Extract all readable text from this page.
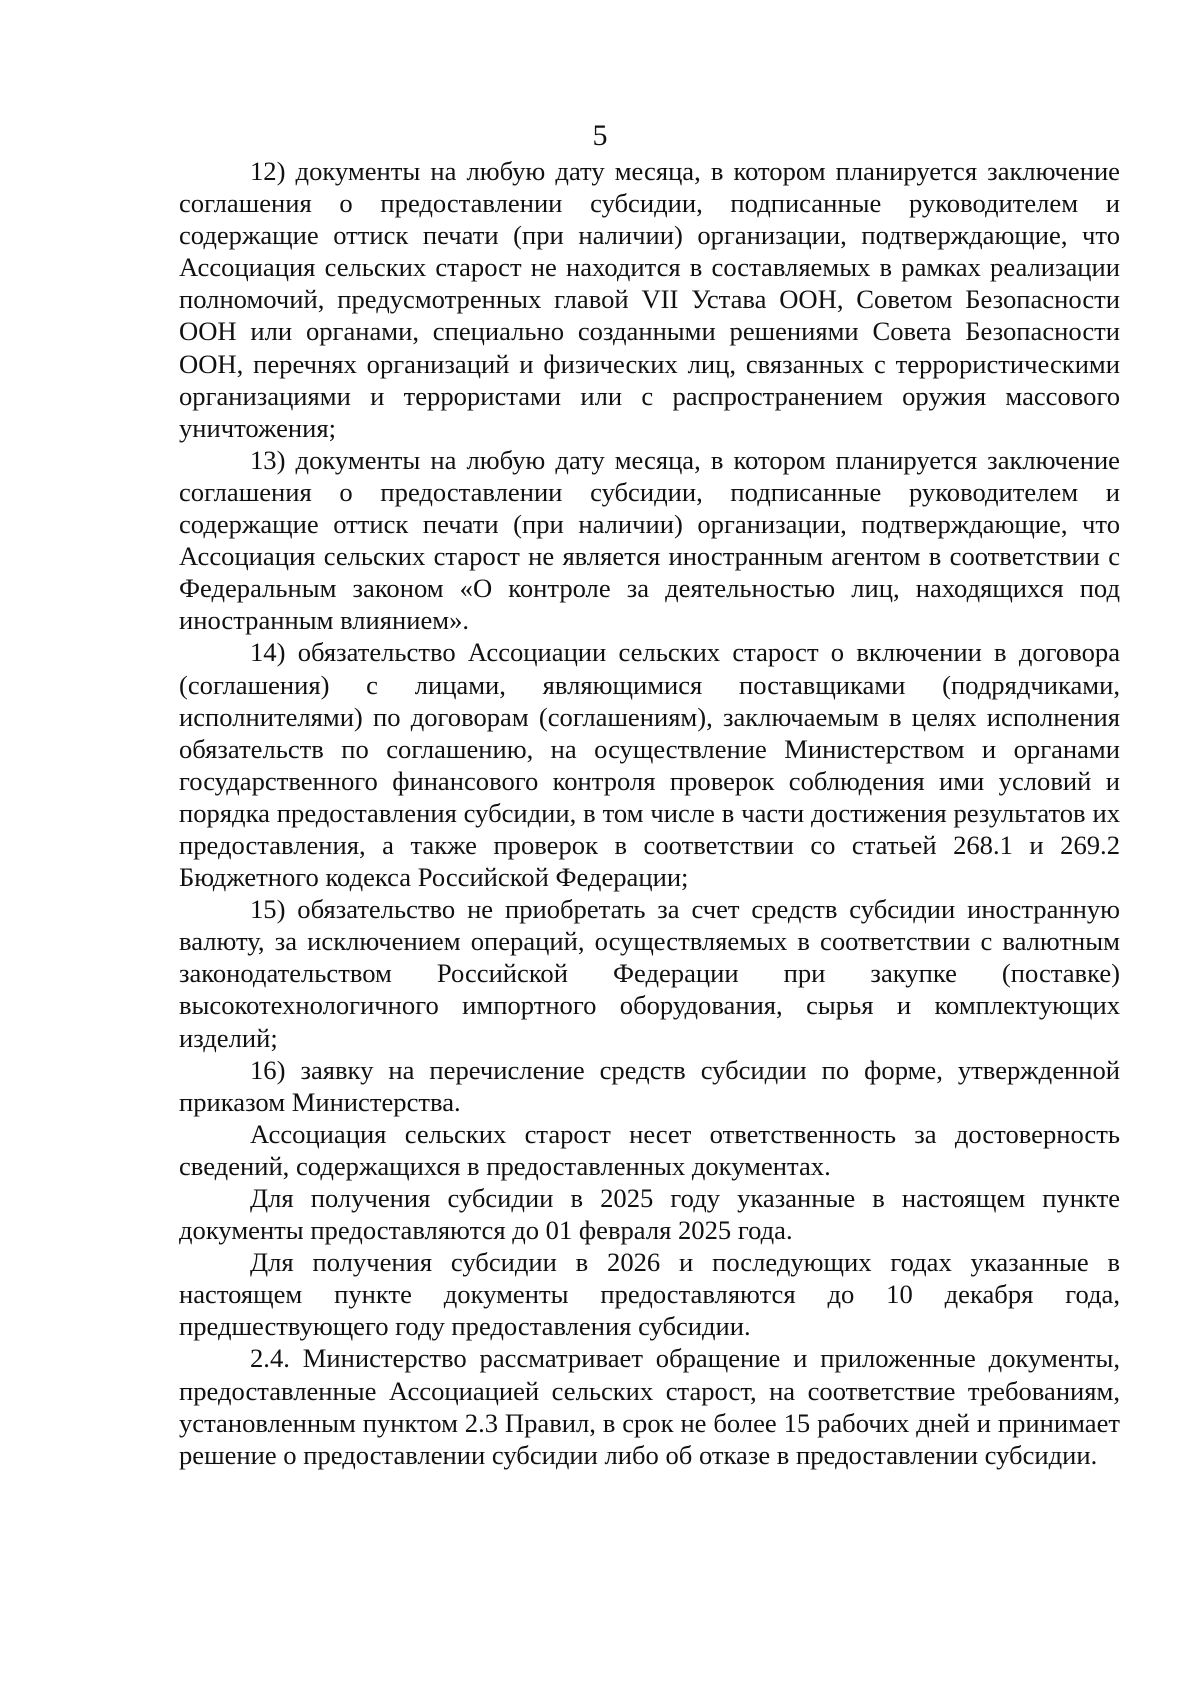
5

12) документы на любую дату месяца, в котором планируется заключение соглашения о предоставлении субсидии, подписанные руководителем и содержащие оттиск печати (при наличии) организации, подтверждающие, что Ассоциация сельских старост не находится в составляемых в рамках реализации полномочий, предусмотренных главой VII Устава ООН, Советом Безопасности ООН или органами, специально созданными решениями Совета Безопасности ООН, перечнях организаций и физических лиц, связанных с террористическими организациями и террористами или с распространением оружия массового уничтожения;

13) документы на любую дату месяца, в котором планируется заключение соглашения о предоставлении субсидии, подписанные руководителем и содержащие оттиск печати (при наличии) организации, подтверждающие, что Ассоциация сельских старост не является иностранным агентом в соответствии с Федеральным законом «О контроле за деятельностью лиц, находящихся под иностранным влиянием».

14) обязательство Ассоциации сельских старост о включении в договора (соглашения) с лицами, являющимися поставщиками (подрядчиками, исполнителями) по договорам (соглашениям), заключаемым в целях исполнения обязательств по соглашению, на осуществление Министерством и органами государственного финансового контроля проверок соблюдения ими условий и порядка предоставления субсидии, в том числе в части достижения результатов их предоставления, а также проверок в соответствии со статьей 268.1 и 269.2 Бюджетного кодекса Российской Федерации;

15) обязательство не приобретать за счет средств субсидии иностранную валюту, за исключением операций, осуществляемых в соответствии с валютным законодательством Российской Федерации при закупке (поставке) высокотехнологичного импортного оборудования, сырья и комплектующих изделий;

16) заявку на перечисление средств субсидии по форме, утвержденной приказом Министерства.

Ассоциация сельских старост несет ответственность за достоверность сведений, содержащихся в предоставленных документах.

Для получения субсидии в 2025 году указанные в настоящем пункте документы предоставляются до 01 февраля 2025 года.

Для получения субсидии в 2026 и последующих годах указанные в настоящем пункте документы предоставляются до 10 декабря года, предшествующего году предоставления субсидии.

2.4. Министерство рассматривает обращение и приложенные документы, предоставленные Ассоциацией сельских старост, на соответствие требованиям, установленным пунктом 2.3 Правил, в срок не более 15 рабочих дней и принимает решение о предоставлении субсидии либо об отказе в предоставлении субсидии.
